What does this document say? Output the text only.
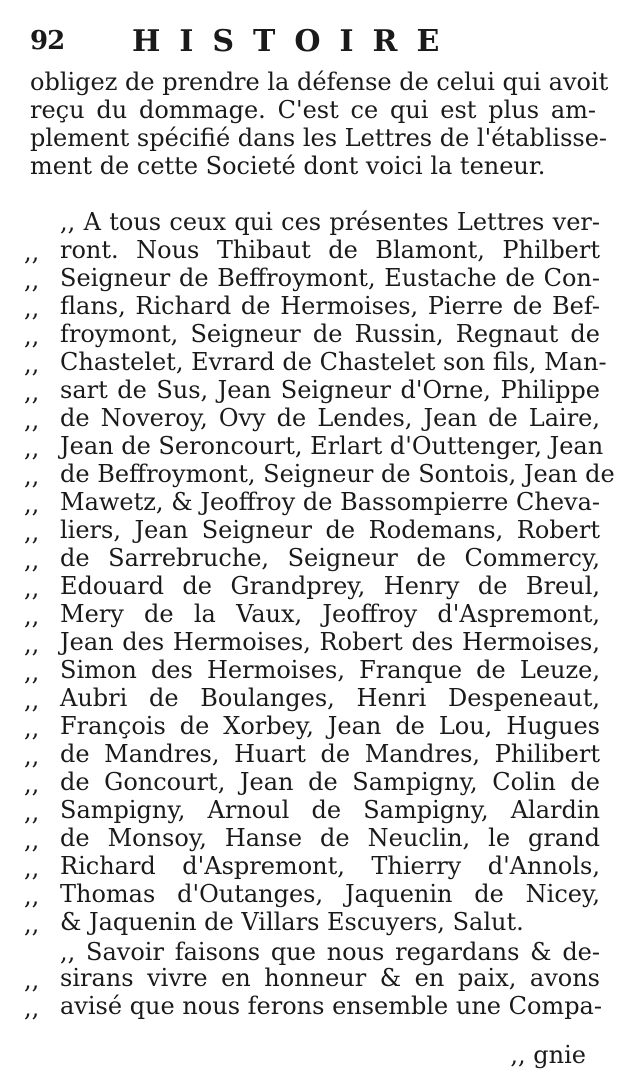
92 HISTOIRE
obligez de prendre la défense de celui qui avoit
reçu du dommage. C'est ce qui est plus am-
plement spécifié dans les Lettres de l'établisse-
ment de cette Societé dont voici la teneur.
,, A tous ceux qui ces présentes Lettres ver-
,, ront. Nous Thibaut de Blamont, Philbert
,, Seigneur de Beffroymont, Eustache de Con-
,, flans, Richard de Hermoises, Pierre de Bef-
,, froymont, Seigneur de Russin, Regnaut de
,, Chastelet, Evrard de Chastelet son fils, Man-
,, sart de Sus, Jean Seigneur d'Orne, Philippe
,, de Noveroy, Ovy de Lendes, Jean de Laire,
,, Jean de Seroncourt, Erlart d'Outtenger, Jean
,, de Beffroymont, Seigneur de Sontois, Jean de
,, Mawetz, & Jeoffroy de Bassompierre Cheva-
,, liers, Jean Seigneur de Rodemans, Robert
,, de Sarrebruche, Seigneur de Commercy,
,, Edouard de Grandprey, Henry de Breul,
,, Mery de la Vaux, Jeoffroy d'Aspremont,
,, Jean des Hermoises, Robert des Hermoises,
,, Simon des Hermoises, Franque de Leuze,
,, Aubri de Boulanges, Henri Despeneaut,
,, François de Xorbey, Jean de Lou, Hugues
,, de Mandres, Huart de Mandres, Philibert
,, de Goncourt, Jean de Sampigny, Colin de
,, Sampigny, Arnoul de Sampigny, Alardin
,, de Monsoy, Hanse de Neuclin, le grand
,, Richard d'Aspremont, Thierry d'Annols,
,, Thomas d'Outanges, Jaquenin de Nicey,
,, & Jaquenin de Villars Escuyers, Salut.
,, Savoir faisons que nous regardans & de-
,, sirans vivre en honneur & en paix, avons
,, avisé que nous ferons ensemble une Compa-
,, gnie
